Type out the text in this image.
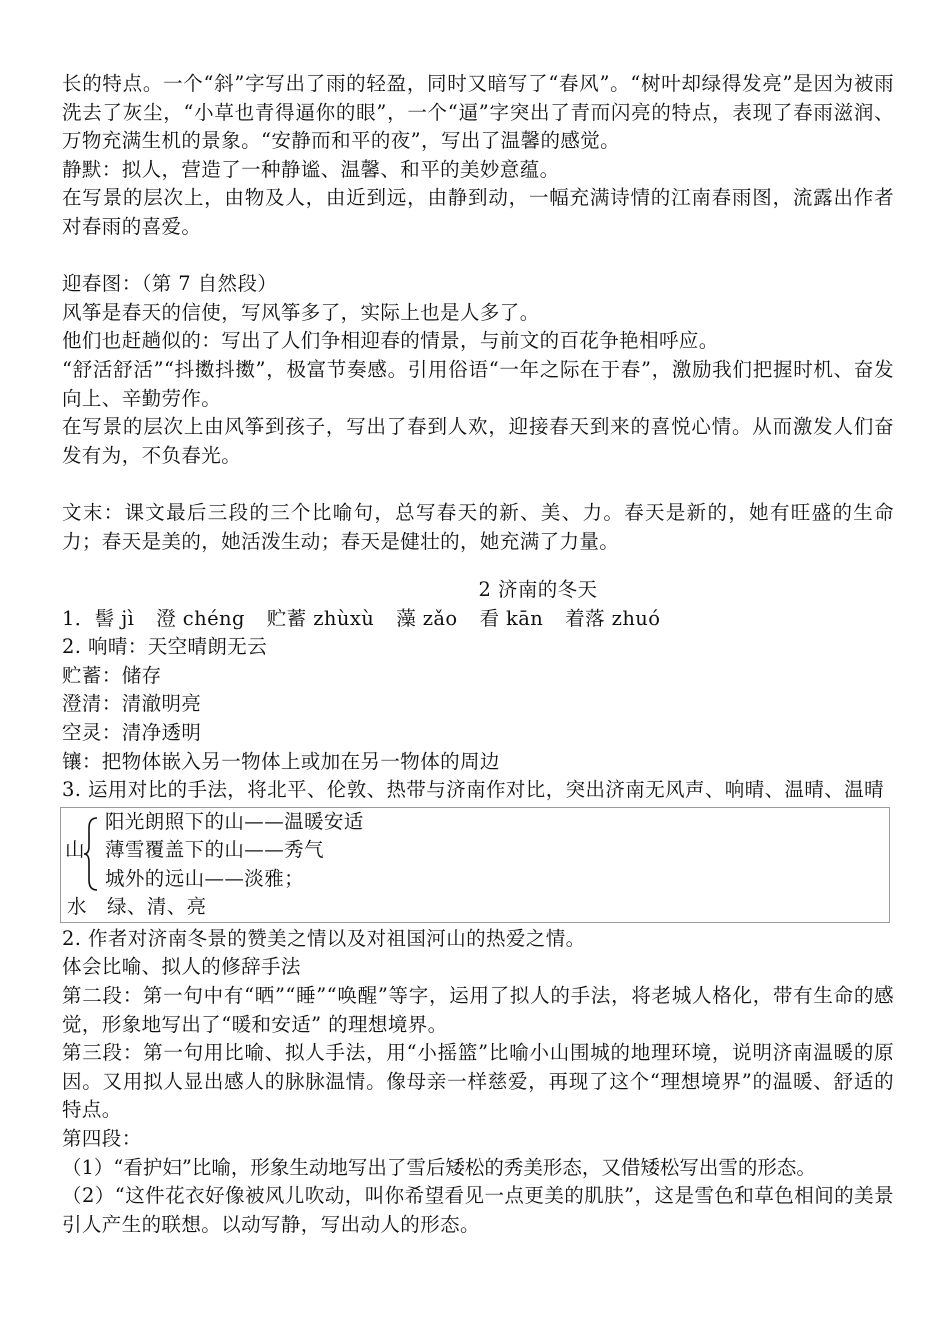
长的特点。一个“斜”字写出了雨的轻盈，同时又暗写了“春风”。“树叶却绿得发亮”是因为被雨洗去了灰尘，“小草也青得逼你的眼”，一个“逼”字突出了青而闪亮的特点，表现了春雨滋润、万物充满生机的景象。“安静而和平的夜”，写出了温馨的感觉。

静默：拟人，营造了一种静谧、温馨、和平的美妙意蕴。

在写景的层次上，由物及人，由近到远，由静到动，一幅充满诗情的江南春雨图，流露出作者对春雨的喜爱。

迎春图：（第 7 自然段）

风筝是春天的信使，写风筝多了，实际上也是人多了。

他们也赶趟似的：写出了人们争相迎春的情景，与前文的百花争艳相呼应。

“舒活舒活”“抖擞抖擞”，极富节奏感。引用俗语“一年之际在于春”，激励我们把握时机、奋发向上、辛勤劳作。

在写景的层次上由风筝到孩子，写出了春到人欢，迎接春天到来的喜悦心情。从而激发人们奋发有为，不负春光。

文末：课文最后三段的三个比喻句，总写春天的新、美、力。春天是新的，她有旺盛的生命力；春天是美的，她活泼生动；春天是健壮的，她充满了力量。

2 济南的冬天

1．髻 jì 澄 chéng 贮蓄 zhùxù 藻 zǎo 看 kān 着落 zhuó

2. 响晴：天空晴朗无云

贮蓄：储存

澄清：清澈明亮

空灵：清净透明

镶：把物体嵌入另一物体上或加在另一物体的周边

3. 运用对比的手法，将北平、伦敦、热带与济南作对比，突出济南无风声、响晴、温晴、温晴

山

阳光朗照下的山——温暖安适

薄雪覆盖下的山——秀气

城外的远山——淡雅；

水 绿、清、亮

2. 作者对济南冬景的赞美之情以及对祖国河山的热爱之情。

体会比喻、拟人的修辞手法

第二段：第一句中有“晒”“睡”“唤醒”等字，运用了拟人的手法，将老城人格化，带有生命的感觉，形象地写出了“暖和安适” 的理想境界。

第三段：第一句用比喻、拟人手法，用“小摇篮”比喻小山围城的地理环境，说明济南温暖的原因。又用拟人显出感人的脉脉温情。像母亲一样慈爱，再现了这个“理想境界”的温暖、舒适的特点。

第四段：

（1）“看护妇”比喻，形象生动地写出了雪后矮松的秀美形态，又借矮松写出雪的形态。

（2）“这件花衣好像被风儿吹动，叫你希望看见一点更美的肌肤”，这是雪色和草色相间的美景引人产生的联想。以动写静，写出动人的形态。
